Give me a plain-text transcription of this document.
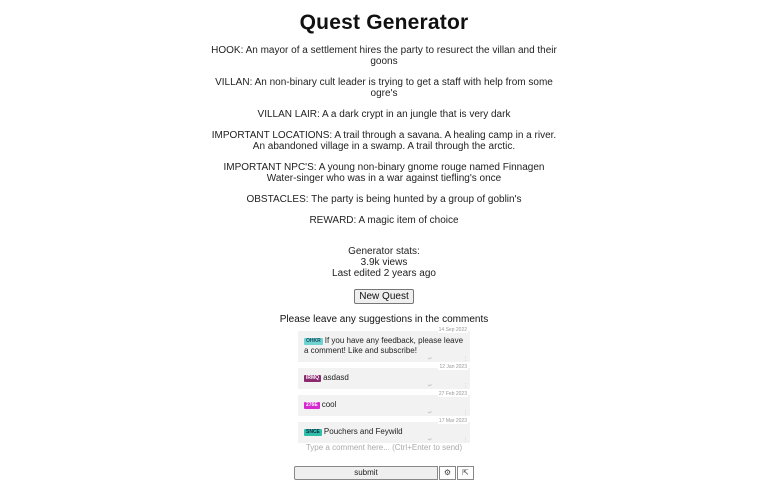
Quest Generator

HOOK: An mayor of a settlement hires the party to resurect the villan and their goons

VILLAN: An non-binary cult leader is trying to get a staff with help from some ogre's

VILLAN LAIR: A a dark crypt in an jungle that is very dark

IMPORTANT LOCATIONS: A trail through a savana. A healing camp in a river. An abandoned village in a swamp. A trail through the arctic.

IMPORTANT NPC'S: A young non-binary gnome rouge named Finnagen Water-singer who was in a war against tiefling's once

OBSTACLES: The party is being hunted by a group of goblin's

REWARD: A magic item of choice

Generator stats:
3.9k views
Last edited 2 years ago
New Quest
Please leave any suggestions in the comments
14 Sep 2022
OHKR If you have any feedback, please leave a comment! Like and subscribe!
↵	⋮
12 Jan 2023
IRMQ asdasd
↵	⋮
27 Feb 2023
276E cool
↵	⋮
17 Mar 2023
SNCE Pouchers and Feywild
↵	⋮
Type a comment here... (Ctrl+Enter to send)
submit	⚙	⇱
